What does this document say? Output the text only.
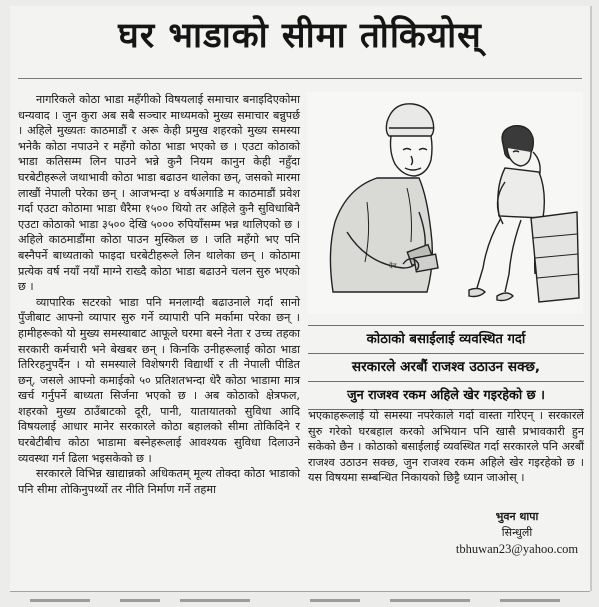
घर भाडाको सीमा तोकियोस्

नागरिकले कोठा भाडा महँगीको विषयलाई समाचार बनाइदिएकोमा धन्यवाद । जुन कुरा अब सबै सञ्चार माध्यमको मुख्य समाचार बन्नुपर्छ । अहिले मुख्यतः काठमाडौं र अरू केही प्रमुख शहरको मुख्य समस्या भनेकै कोठा नपाउने र महँगो कोठा भाडा भएको छ । एउटा कोठाको भाडा कतिसम्म लिन पाउने भन्ने कुनै नियम कानुन केही नहुँदा घरबेटीहरूले जथाभावी कोठा भाडा बढाउन थालेका छन्, जसको मारमा लाखौं नेपाली परेका छन् । आजभन्दा ४ वर्षअगाडि म काठमाडौं प्रवेश गर्दा एउटा कोठामा भाडा धैरैमा १५०० थियो तर अहिले कुनै सुविधाबिनै एउटा कोठाको भाडा ३५०० देखि ५००० रुपियाँसम्म भन्न थालिएको छ । अहिले काठमाडौंमा कोठा पाउन मुस्किल छ । जति महँगो भए पनि बस्नैपर्ने बाध्यताको फाइदा घरबेटीहरूले लिन थालेका छन् । कोठामा प्रत्येक वर्ष नयाँ नयाँ माग्ने राख्दै कोठा भाडा बढाउने चलन सुरु भएको छ ।

व्यापारिक सटरको भाडा पनि मनलाग्दी बढाउनाले गर्दा सानो पुँजीबाट आफ्नो व्यापार सुरु गर्ने व्यापारी पनि मर्कामा परेका छन् । हामीहरूको यो मुख्य समस्याबाट आफूले घरमा बस्ने नेता र उच्च तहका सरकारी कर्मचारी भने बेखबर छन् । किनकि उनीहरूलाई कोठा भाडा तिरिरहनुपर्दैन । यो समस्याले विशेषगरी विद्यार्थी र ती नेपाली पीडित छन्, जसले आफ्नो कमाईको ५० प्रतिशतभन्दा धेरै कोठा भाडामा मात्र खर्च गर्नुपर्ने बाध्यता सिर्जना भएको छ । अब कोठाको क्षेत्रफल, शहरको मुख्य ठाउँबाटको दूरी, पानी, यातायातको सुविधा आदि विषयलाई आधार मानेर सरकारले कोठा बहालको सीमा तोकिदिने र घरबेटीबीच कोठा भाडामा बस्नेहरूलाई आवश्यक सुविधा दिलाउने व्यवस्था गर्न ढिला भइसकेको छ ।

सरकारले विभिन्न खाद्यान्नको अधिकतम् मूल्य तोक्दा कोठा भाडाको पनि सीमा तोकिनुपर्थ्यो तर नीति निर्माण गर्ने तहमा

देव
कोठाको बसाईलाई व्यवस्थित गर्दा
सरकारले अरबौं राजश्व उठाउन सक्छ,
जुन राजश्व रकम अहिले खेर गइरहेको छ ।

भएकाहरूलाई यो समस्या नपरेकाले गर्दा वास्ता गरिएन् । सरकारले सुरु गरेको घरबहाल करको अभियान पनि खासै प्रभावकारी हुन सकेको छैन । कोठाको बसाईलाई व्यवस्थित गर्दा सरकारले पनि अरबौं राजश्व उठाउन सक्छ, जुन राजश्व रकम अहिले खेर गइरहेको छ । यस विषयमा सम्बन्धित निकायको छिट्टै ध्यान जाओस् ।

भुवन थापा
सिन्धुली
tbhuwan23@yahoo.com
